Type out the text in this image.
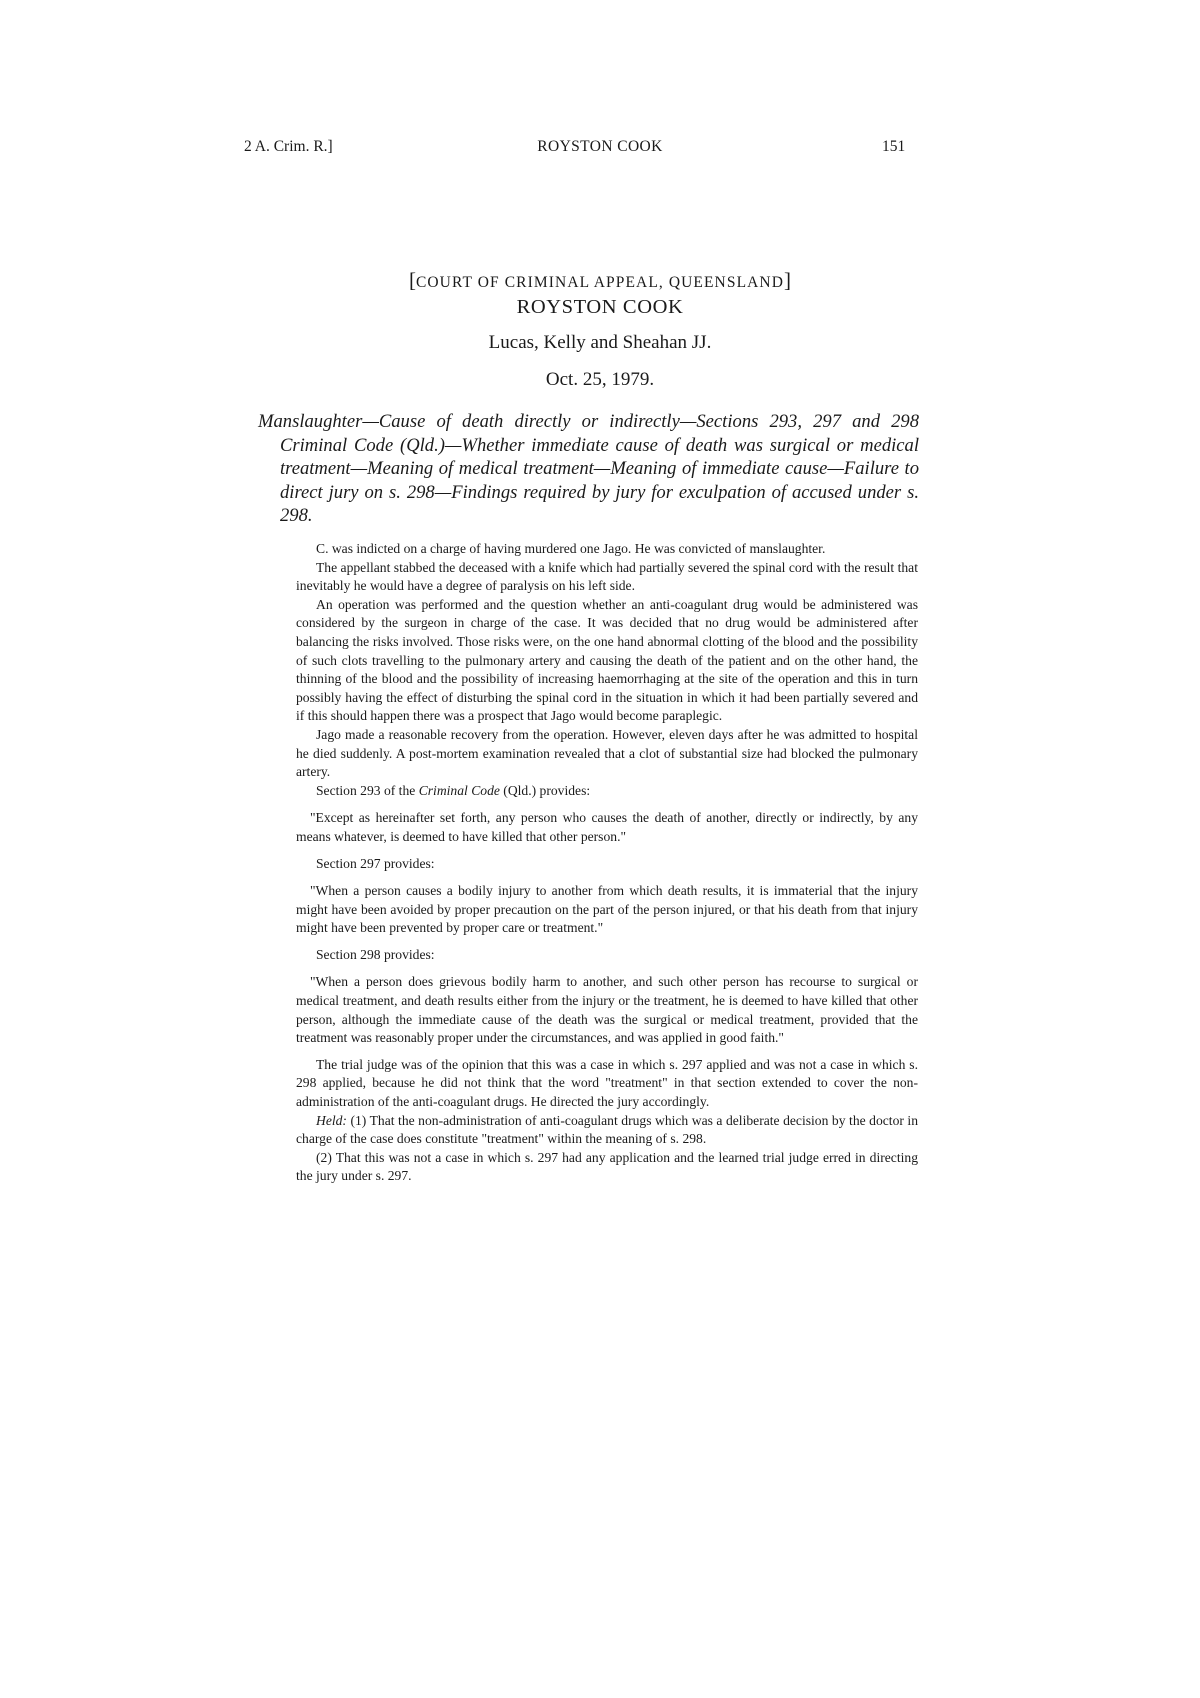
2 A. Crim. R.]	ROYSTON COOK	151
[COURT OF CRIMINAL APPEAL, QUEENSLAND]
ROYSTON COOK
Lucas, Kelly and Sheahan JJ.
Oct. 25, 1979.
Manslaughter—Cause of death directly or indirectly—Sections 293, 297 and 298 Criminal Code (Qld.)—Whether immediate cause of death was surgical or medical treatment—Meaning of medical treatment—Meaning of immediate cause—Failure to direct jury on s. 298—Findings required by jury for exculpation of accused under s. 298.

C. was indicted on a charge of having murdered one Jago. He was convicted of manslaughter.

The appellant stabbed the deceased with a knife which had partially severed the spinal cord with the result that inevitably he would have a degree of paralysis on his left side.

An operation was performed and the question whether an anti-coagulant drug would be administered was considered by the surgeon in charge of the case. It was decided that no drug would be administered after balancing the risks involved. Those risks were, on the one hand abnormal clotting of the blood and the possibility of such clots travelling to the pulmonary artery and causing the death of the patient and on the other hand, the thinning of the blood and the possibility of increasing haemorrhaging at the site of the operation and this in turn possibly having the effect of disturbing the spinal cord in the situation in which it had been partially severed and if this should happen there was a prospect that Jago would become paraplegic.

Jago made a reasonable recovery from the operation. However, eleven days after he was admitted to hospital he died suddenly. A post-mortem examination revealed that a clot of substantial size had blocked the pulmonary artery.

Section 293 of the Criminal Code (Qld.) provides:

"Except as hereinafter set forth, any person who causes the death of another, directly or indirectly, by any means whatever, is deemed to have killed that other person."

Section 297 provides:

"When a person causes a bodily injury to another from which death results, it is immaterial that the injury might have been avoided by proper precaution on the part of the person injured, or that his death from that injury might have been prevented by proper care or treatment."

Section 298 provides:

"When a person does grievous bodily harm to another, and such other person has recourse to surgical or medical treatment, and death results either from the injury or the treatment, he is deemed to have killed that other person, although the immediate cause of the death was the surgical or medical treatment, provided that the treatment was reasonably proper under the circumstances, and was applied in good faith."

The trial judge was of the opinion that this was a case in which s. 297 applied and was not a case in which s. 298 applied, because he did not think that the word "treatment" in that section extended to cover the non-administration of the anti-coagulant drugs. He directed the jury accordingly.

Held: (1) That the non-administration of anti-coagulant drugs which was a deliberate decision by the doctor in charge of the case does constitute "treatment" within the meaning of s. 298.

(2) That this was not a case in which s. 297 had any application and the learned trial judge erred in directing the jury under s. 297.
